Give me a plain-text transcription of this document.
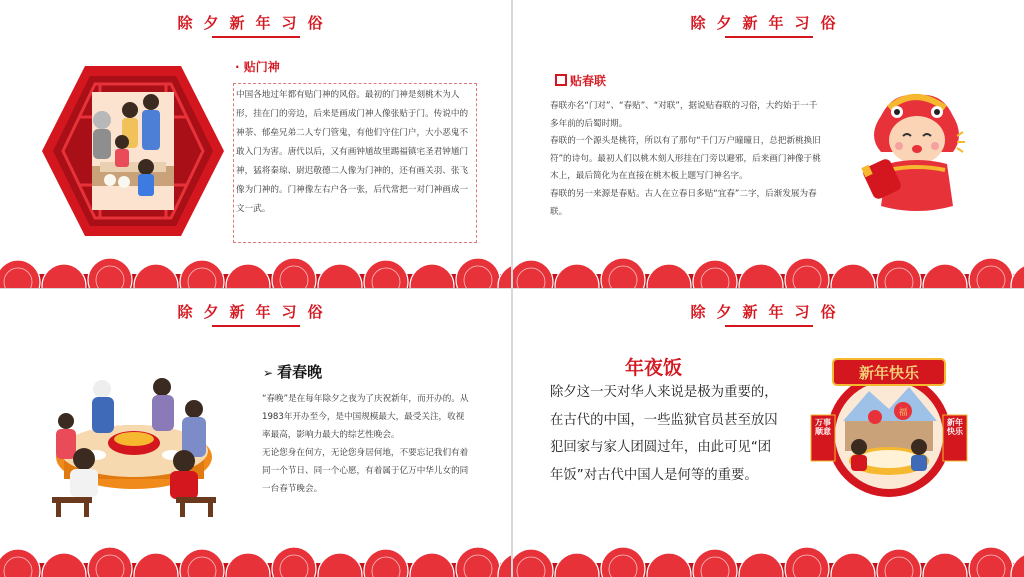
除夕新年习俗
· 贴门神

中国各地过年都有贴门神的风俗。最初的门神是刻桃木为人形，挂在门的旁边，后来是画成门神人像张贴于门。传说中的神荼、郁垒兄弟二人专门管鬼，有他们守住门户，大小恶鬼不敢入门为害。唐代以后，又有画钟馗故里踢福镇宅圣君钟馗门神，猛将秦琼、尉迟敬德二人像为门神的，还有画关羽、张飞像为门神的。门神像左右户各一张，后代常把一对门神画成一文一武。

除夕新年习俗
贴春联

春联亦名“门对”、“春贴”、“对联”，据说贴春联的习俗，大约始于一千多年前的后蜀时期。

春联的一个源头是桃符，所以有了那句“千门万户曈曈日，总把新桃换旧符”的诗句。最初人们以桃木刻人形挂在门旁以避邪，后来画门神像于桃木上，最后简化为在直接在桃木板上题写门神名字。

春联的另一来源是春贴。古人在立春日多贴“宜春”二字，后渐发展为春联。

除夕新年习俗
➢ 看春晚

“春晚”是在每年除夕之夜为了庆祝新年，而开办的。从1983年开办至今，是中国规模最大，最受关注，收视率最高，影响力最大的综艺性晚会。

无论您身在何方，无论您身居何地，不要忘记我们有着同一个节日、同一个心愿，有着属于亿万中华儿女的同一台春节晚会。

除夕新年习俗
年夜饭
除夕这一天对华人来说是极为重要的，在古代的中国，一些监狱官员甚至放囚犯回家与家人团圆过年，由此可见“团年饭”对古代中国人是何等的重要。
福
新年快乐
万事顺意
新年快乐
